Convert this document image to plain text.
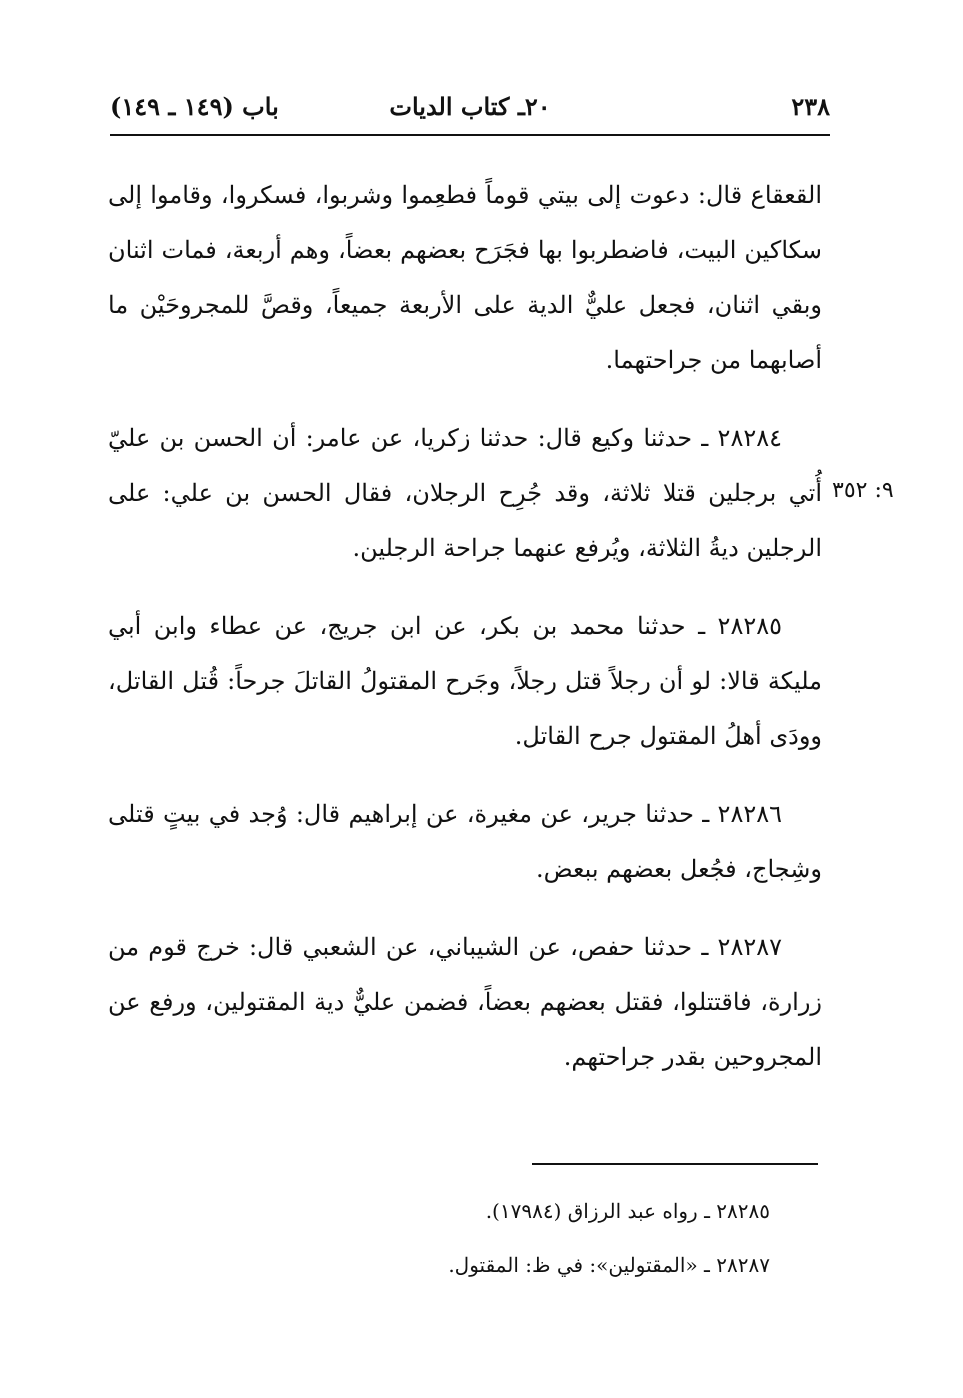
٢٣٨
٢٠ـ كتاب الديات
باب (١٤٩ ـ ١٤٩)

القعقاع قال: دعوت إلى بيتي قوماً فطعِموا وشربوا، فسكروا، وقاموا إلى سكاكين البيت، فاضطربوا بها فجَرَح بعضهم بعضاً، وهم أربعة، فمات اثنان وبقي اثنان، فجعل عليٌّ الدية على الأربعة جميعاً، وقصَّ للمجروحَيْن ما أصابهما من جراحتهما.

٢٨٢٨٤ ـ حدثنا وكيع قال: حدثنا زكريا، عن عامر: أن الحسن بن عليّ أُتي برجلين قتلا ثلاثة، وقد جُرِح الرجلان، فقال الحسن بن علي: على الرجلين ديةُ الثلاثة، ويُرفع عنهما جراحة الرجلين.

٢٨٢٨٥ ـ حدثنا محمد بن بكر، عن ابن جريج، عن عطاء وابن أبي مليكة قالا: لو أن رجلاً قتل رجلاً، وجَرح المقتولُ القاتلَ جرحاً: قُتل القاتل، وودَى أهلُ المقتول جرح القاتل.

٢٨٢٨٦ ـ حدثنا جرير، عن مغيرة، عن إبراهيم قال: وُجد في بيتٍ قتلى وشِجاج، فجُعل بعضهم ببعض.

٢٨٢٨٧ ـ حدثنا حفص، عن الشيباني، عن الشعبي قال: خرج قوم من زرارة، فاقتتلوا، فقتل بعضهم بعضاً، فضمن عليٌّ دية المقتولين، ورفع عن المجروحين بقدر جراحتهم.

٩: ٣٥٢

٢٨٢٨٥ ـ رواه عبد الرزاق (١٧٩٨٤).

٢٨٢٨٧ ـ «المقتولين»: في ظ: المقتول.
